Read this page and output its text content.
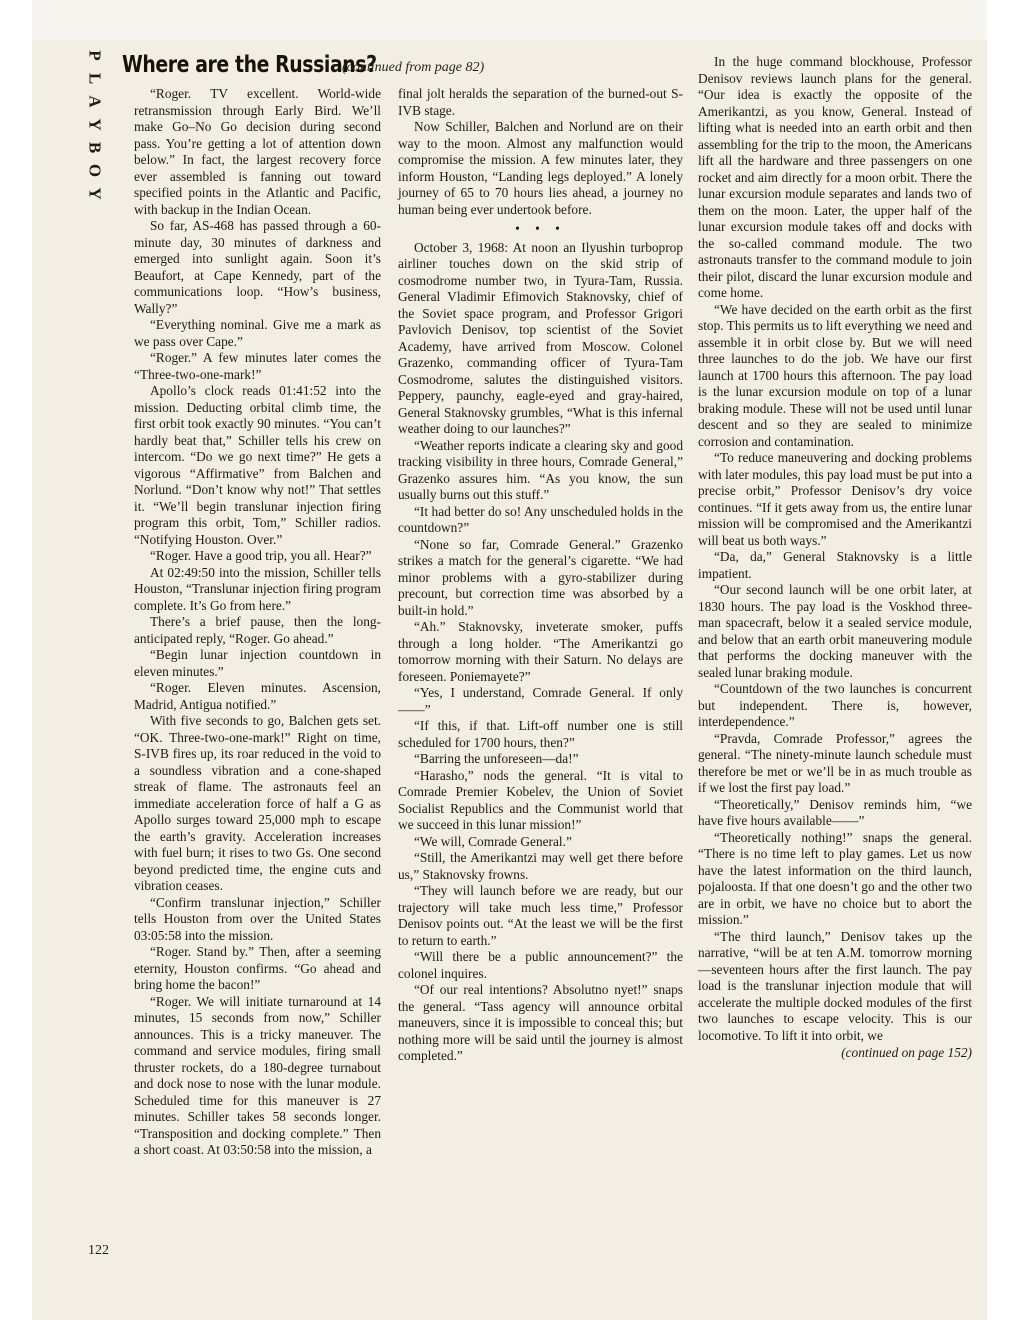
P
L
A
Y
B
O
Y
Where are the Russians?
(continued from page 82)

“Roger. TV excellent. World-wide retransmission through Early Bird. We’ll make Go–No Go decision during second pass. You’re getting a lot of attention down below.” In fact, the largest recovery force ever assembled is fanning out toward specified points in the Atlantic and Pacific, with backup in the Indian Ocean.

So far, AS-468 has passed through a 60-minute day, 30 minutes of darkness and emerged into sunlight again. Soon it’s Beaufort, at Cape Kennedy, part of the communications loop. “How’s business, Wally?”

“Everything nominal. Give me a mark as we pass over Cape.”

“Roger.” A few minutes later comes the “Three-two-one-mark!”

Apollo’s clock reads 01:41:52 into the mission. Deducting orbital climb time, the first orbit took exactly 90 minutes. “You can’t hardly beat that,” Schiller tells his crew on intercom. “Do we go next time?” He gets a vigorous “Affirmative” from Balchen and Norlund. “Don’t know why not!” That settles it. “We’ll begin translunar injection firing program this orbit, Tom,” Schiller radios. “Notifying Houston. Over.”

“Roger. Have a good trip, you all. Hear?”

At 02:49:50 into the mission, Schiller tells Houston, “Translunar injection firing program complete. It’s Go from here.”

There’s a brief pause, then the long-anticipated reply, “Roger. Go ahead.”

“Begin lunar injection countdown in eleven minutes.”

“Roger. Eleven minutes. Ascension, Madrid, Antigua notified.”

With five seconds to go, Balchen gets set. “OK. Three-two-one-mark!” Right on time, S-IVB fires up, its roar reduced in the void to a soundless vibration and a cone-shaped streak of flame. The astronauts feel an immediate acceleration force of half a G as Apollo surges toward 25,000 mph to escape the earth’s gravity. Acceleration increases with fuel burn; it rises to two Gs. One second beyond predicted time, the engine cuts and vibration ceases.

“Confirm translunar injection,” Schiller tells Houston from over the United States 03:05:58 into the mission.

“Roger. Stand by.” Then, after a seeming eternity, Houston confirms. “Go ahead and bring home the bacon!”

“Roger. We will initiate turnaround at 14 minutes, 15 seconds from now,” Schiller announces. This is a tricky maneuver. The command and service modules, firing small thruster rockets, do a 180-degree turnabout and dock nose to nose with the lunar module. Scheduled time for this maneuver is 27 minutes. Schiller takes 58 seconds longer. “Transposition and docking complete.” Then a short coast. At 03:50:58 into the mission, a

final jolt heralds the separation of the burned-out S-IVB stage.

Now Schiller, Balchen and Norlund are on their way to the moon. Almost any malfunction would compromise the mission. A few minutes later, they inform Houston, “Landing legs deployed.” A lonely journey of 65 to 70 hours lies ahead, a journey no human being ever undertook before.

• • •

October 3, 1968: At noon an Ilyushin turboprop airliner touches down on the skid strip of cosmodrome number two, in Tyura-Tam, Russia. General Vladimir Efimovich Staknovsky, chief of the Soviet space program, and Professor Grigori Pavlovich Denisov, top scientist of the Soviet Academy, have arrived from Moscow. Colonel Grazenko, commanding officer of Tyura-Tam Cosmodrome, salutes the distinguished visitors. Peppery, paunchy, eagle-eyed and gray-haired, General Staknovsky grumbles, “What is this infernal weather doing to our launches?”

“Weather reports indicate a clearing sky and good tracking visibility in three hours, Comrade General,” Grazenko assures him. “As you know, the sun usually burns out this stuff.”

“It had better do so! Any unscheduled holds in the countdown?”

“None so far, Comrade General.” Grazenko strikes a match for the general’s cigarette. “We had minor problems with a gyro-stabilizer during precount, but correction time was absorbed by a built-in hold.”

“Ah.” Staknovsky, inveterate smoker, puffs through a long holder. “The Amerikantzi go tomorrow morning with their Saturn. No delays are foreseen. Poniemayete?”

“Yes, I understand, Comrade General. If only——”

“If this, if that. Lift-off number one is still scheduled for 1700 hours, then?”

“Barring the unforeseen—da!”

“Harasho,” nods the general. “It is vital to Comrade Premier Kobelev, the Union of Soviet Socialist Republics and the Communist world that we succeed in this lunar mission!”

“We will, Comrade General.”

“Still, the Amerikantzi may well get there before us,” Staknovsky frowns.

“They will launch before we are ready, but our trajectory will take much less time,” Professor Denisov points out. “At the least we will be the first to return to earth.”

“Will there be a public announcement?” the colonel inquires.

“Of our real intentions? Absolutno nyet!” snaps the general. “Tass agency will announce orbital maneuvers, since it is impossible to conceal this; but nothing more will be said until the journey is almost completed.”

In the huge command blockhouse, Professor Denisov reviews launch plans for the general. “Our idea is exactly the opposite of the Amerikantzi, as you know, General. Instead of lifting what is needed into an earth orbit and then assembling for the trip to the moon, the Americans lift all the hardware and three passengers on one rocket and aim directly for a moon orbit. There the lunar excursion module separates and lands two of them on the moon. Later, the upper half of the lunar excursion module takes off and docks with the so-called command module. The two astronauts transfer to the command module to join their pilot, discard the lunar excursion module and come home.

“We have decided on the earth orbit as the first stop. This permits us to lift everything we need and assemble it in orbit close by. But we will need three launches to do the job. We have our first launch at 1700 hours this afternoon. The pay load is the lunar excursion module on top of a lunar braking module. These will not be used until lunar descent and so they are sealed to minimize corrosion and contamination.

“To reduce maneuvering and docking problems with later modules, this pay load must be put into a precise orbit,” Professor Denisov’s dry voice continues. “If it gets away from us, the entire lunar mission will be compromised and the Amerikantzi will beat us both ways.”

“Da, da,” General Staknovsky is a little impatient.

“Our second launch will be one orbit later, at 1830 hours. The pay load is the Voskhod three-man spacecraft, below it a sealed service module, and below that an earth orbit maneuvering module that performs the docking maneuver with the sealed lunar braking module.

“Countdown of the two launches is concurrent but independent. There is, however, interdependence.”

“Pravda, Comrade Professor,” agrees the general. “The ninety-minute launch schedule must therefore be met or we’ll be in as much trouble as if we lost the first pay load.”

“Theoretically,” Denisov reminds him, “we have five hours available——”

“Theoretically nothing!” snaps the general. “There is no time left to play games. Let us now have the latest information on the third launch, pojaloosta. If that one doesn’t go and the other two are in orbit, we have no choice but to abort the mission.”

“The third launch,” Denisov takes up the narrative, “will be at ten A.M. tomorrow morning—seventeen hours after the first launch. The pay load is the translunar injection module that will accelerate the multiple docked modules of the first two launches to escape velocity. This is our locomotive. To lift it into orbit, we

(continued on page 152)

122
